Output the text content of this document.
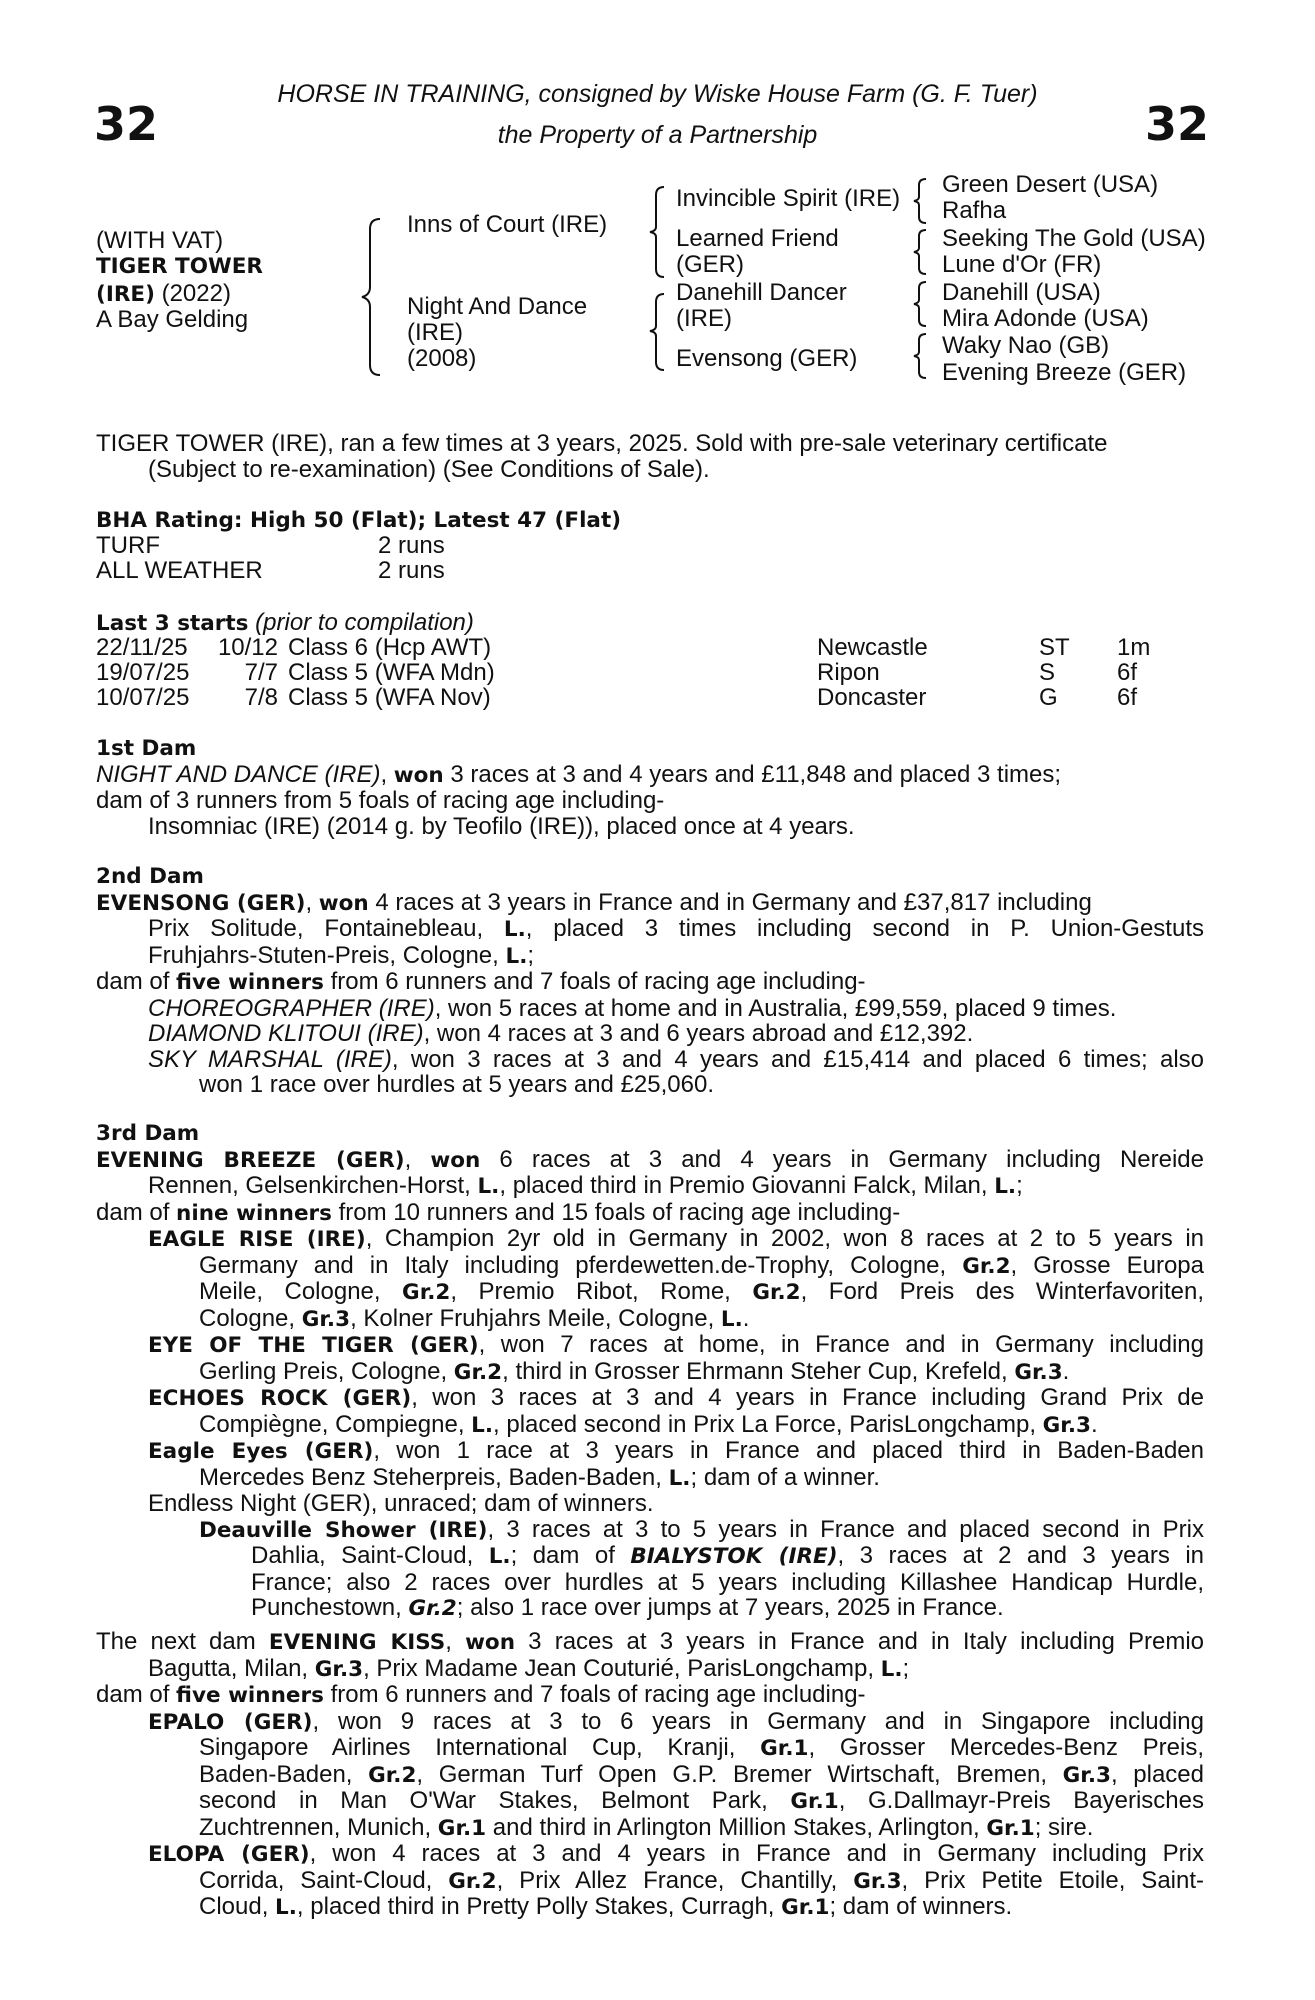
HORSE IN TRAINING, consigned by Wiske House Farm (G. F. Tuer)
the Property of a Partnership
32	32
(WITH VAT)
TIGER TOWER
(IRE) (2022)
A Bay Gelding
Inns of Court (IRE)
Night And Dance
(IRE)
(2008)
Invincible Spirit (IRE)
Learned Friend
(GER)
Danehill Dancer
(IRE)
Evensong (GER)
Green Desert (USA)
Rafha
Seeking The Gold (USA)
Lune d'Or (FR)
Danehill (USA)
Mira Adonde (USA)
Waky Nao (GB)
Evening Breeze (GER)
TIGER TOWER (IRE), ran a few times at 3 years, 2025. Sold with pre-sale veterinary certificate
(Subject to re-examination) (See Conditions of Sale).
BHA Rating: High 50 (Flat); Latest 47 (Flat)
TURF	2 runs
ALL WEATHER	2 runs
Last 3 starts (prior to compilation)
22/11/25	10/12 Class 6 (Hcp AWT)	Newcastle	ST 1m
19/07/25	7/7 Class 5 (WFA Mdn)	Ripon	S	6f
10/07/25	7/8 Class 5 (WFA Nov)	Doncaster	G 6f
1st Dam
NIGHT AND DANCE (IRE), won 3 races at 3 and 4 years and £11,848 and placed 3 times;
dam of 3 runners from 5 foals of racing age including-
Insomniac (IRE) (2014 g. by Teofilo (IRE)), placed once at 4 years.
2nd Dam
EVENSONG (GER), won 4 races at 3 years in France and in Germany and £37,817 including
Prix Solitude, Fontainebleau, L., placed 3 times including second in P. Union-Gestuts
Fruhjahrs-Stuten-Preis, Cologne, L.;
dam of five winners from 6 runners and 7 foals of racing age including-
CHOREOGRAPHER (IRE), won 5 races at home and in Australia, £99,559, placed 9 times.
DIAMOND KLITOUI (IRE), won 4 races at 3 and 6 years abroad and £12,392.
SKY MARSHAL (IRE), won 3 races at 3 and 4 years and £15,414 and placed 6 times; also
won 1 race over hurdles at 5 years and £25,060.
3rd Dam
EVENING BREEZE (GER), won 6 races at 3 and 4 years in Germany including Nereide
Rennen, Gelsenkirchen-Horst, L., placed third in Premio Giovanni Falck, Milan, L.;
dam of nine winners from 10 runners and 15 foals of racing age including-
EAGLE RISE (IRE), Champion 2yr old in Germany in 2002, won 8 races at 2 to 5 years in
Germany and in Italy including pferdewetten.de-Trophy, Cologne, Gr.2, Grosse Europa
Meile, Cologne, Gr.2, Premio Ribot, Rome, Gr.2, Ford Preis des Winterfavoriten,
Cologne, Gr.3, Kolner Fruhjahrs Meile, Cologne, L..
EYE OF THE TIGER (GER), won 7 races at home, in France and in Germany including
Gerling Preis, Cologne, Gr.2, third in Grosser Ehrmann Steher Cup, Krefeld, Gr.3.
ECHOES ROCK (GER), won 3 races at 3 and 4 years in France including Grand Prix de
Compiègne, Compiegne, L., placed second in Prix La Force, ParisLongchamp, Gr.3.
Eagle Eyes (GER), won 1 race at 3 years in France and placed third in Baden-Baden
Mercedes Benz Steherpreis, Baden-Baden, L.; dam of a winner.
Endless Night (GER), unraced; dam of winners.
Deauville Shower (IRE), 3 races at 3 to 5 years in France and placed second in Prix
Dahlia, Saint-Cloud, L.; dam of BIALYSTOK (IRE), 3 races at 2 and 3 years in
France; also 2 races over hurdles at 5 years including Killashee Handicap Hurdle,
Punchestown, Gr.2; also 1 race over jumps at 7 years, 2025 in France.
The next dam EVENING KISS, won 3 races at 3 years in France and in Italy including Premio
Bagutta, Milan, Gr.3, Prix Madame Jean Couturié, ParisLongchamp, L.;
dam of five winners from 6 runners and 7 foals of racing age including-
EPALO (GER), won 9 races at 3 to 6 years in Germany and in Singapore including
Singapore Airlines International Cup, Kranji, Gr.1, Grosser Mercedes-Benz Preis,
Baden-Baden, Gr.2, German Turf Open G.P. Bremer Wirtschaft, Bremen, Gr.3, placed
second in Man O'War Stakes, Belmont Park, Gr.1, G.Dallmayr-Preis Bayerisches
Zuchtrennen, Munich, Gr.1 and third in Arlington Million Stakes, Arlington, Gr.1; sire.
ELOPA (GER), won 4 races at 3 and 4 years in France and in Germany including Prix
Corrida, Saint-Cloud, Gr.2, Prix Allez France, Chantilly, Gr.3, Prix Petite Etoile, Saint-
Cloud, L., placed third in Pretty Polly Stakes, Curragh, Gr.1; dam of winners.
